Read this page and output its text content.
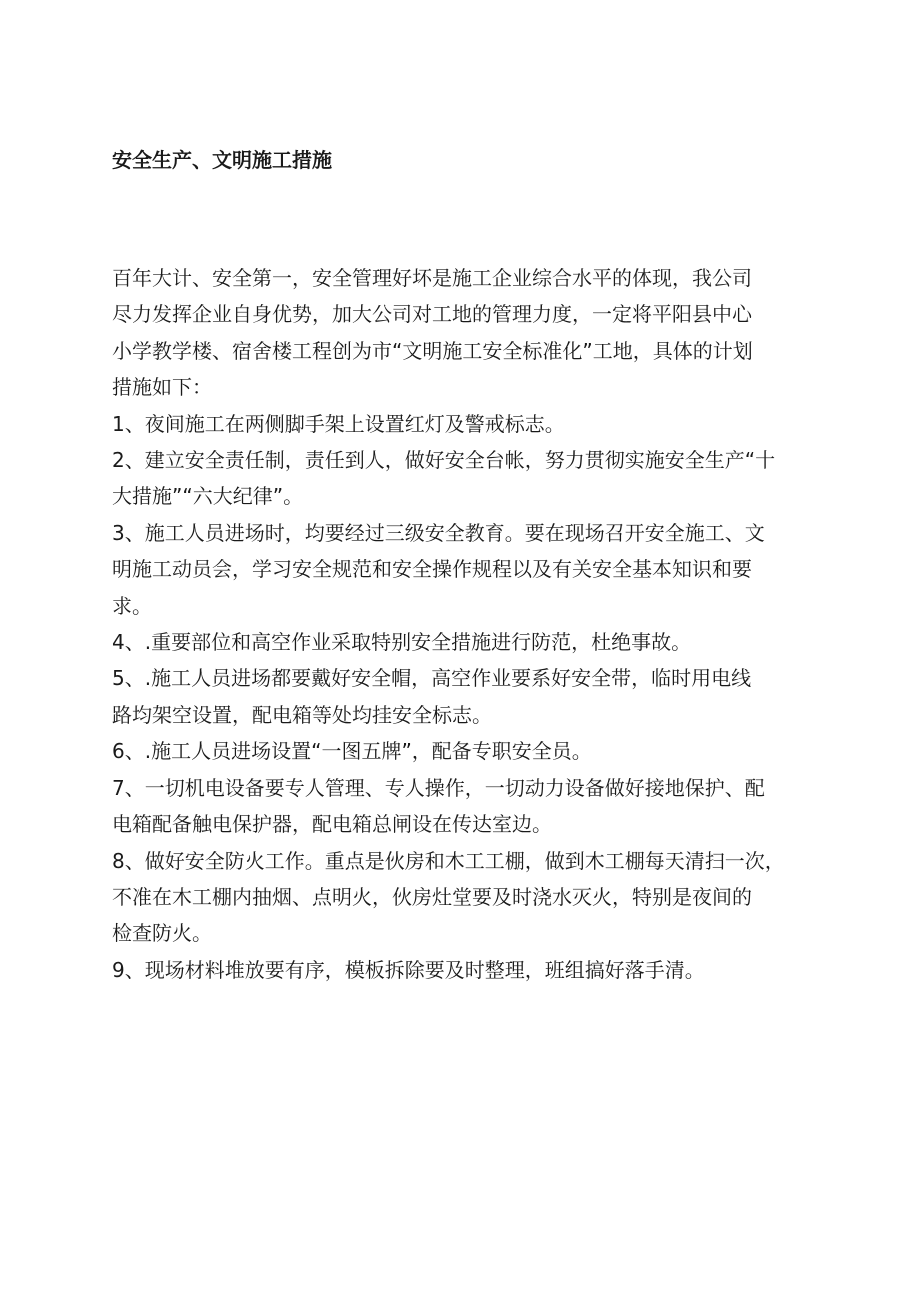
安全生产、文明施工措施

百年大计、安全第一，安全管理好坏是施工企业综合水平的体现，我公司
尽力发挥企业自身优势，加大公司对工地的管理力度，一定将平阳县中心
小学教学楼、宿舍楼工程创为市“文明施工安全标准化”工地，具体的计划
措施如下：

1、夜间施工在两侧脚手架上设置红灯及警戒标志。

2、建立安全责任制，责任到人，做好安全台帐，努力贯彻实施安全生产“十
大措施”“六大纪律”。

3、施工人员进场时，均要经过三级安全教育。要在现场召开安全施工、文
明施工动员会，学习安全规范和安全操作规程以及有关安全基本知识和要
求。

4、.重要部位和高空作业采取特别安全措施进行防范，杜绝事故。

5、.施工人员进场都要戴好安全帽，高空作业要系好安全带，临时用电线
路均架空设置，配电箱等处均挂安全标志。

6、.施工人员进场设置“一图五牌”，配备专职安全员。

7、一切机电设备要专人管理、专人操作，一切动力设备做好接地保护、配
电箱配备触电保护器，配电箱总闸设在传达室边。

8、做好安全防火工作。重点是伙房和木工工棚，做到木工棚每天清扫一次，
不准在木工棚内抽烟、点明火，伙房灶堂要及时浇水灭火，特别是夜间的
检查防火。

9、现场材料堆放要有序，模板拆除要及时整理，班组搞好落手清。
